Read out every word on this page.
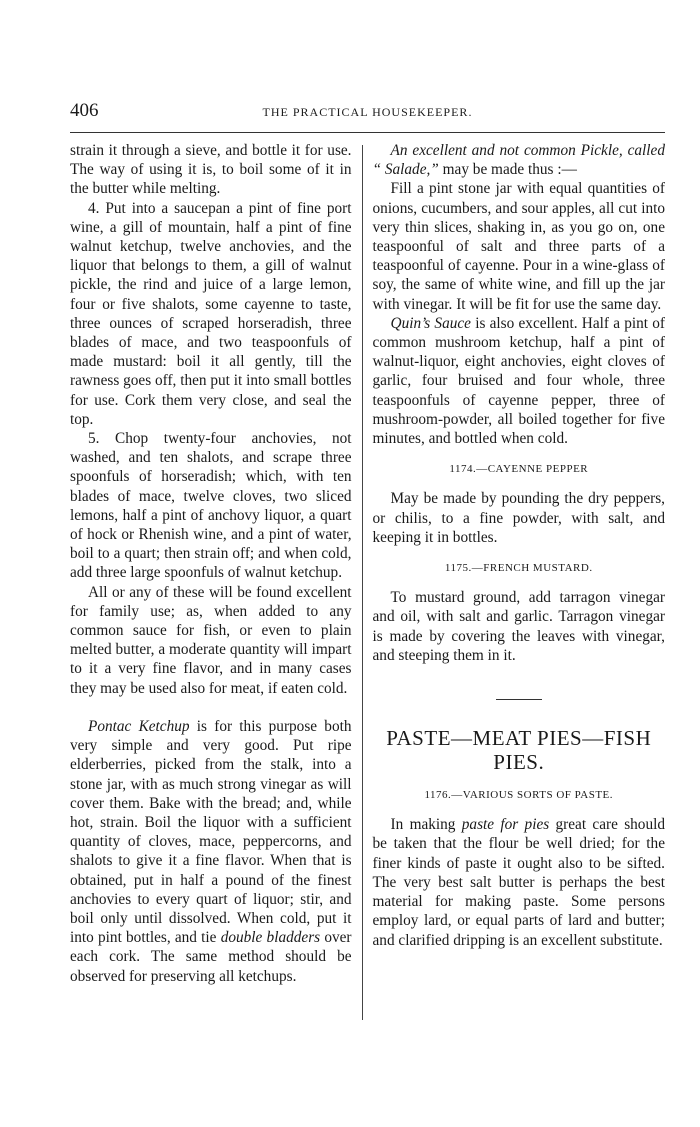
406	THE PRACTICAL HOUSEKEEPER.

strain it through a sieve, and bottle it for use. The way of using it is, to boil some of it in the butter while melting.

4. Put into a saucepan a pint of fine port wine, a gill of mountain, half a pint of fine walnut ketchup, twelve anchovies, and the liquor that belongs to them, a gill of walnut pickle, the rind and juice of a large lemon, four or five shalots, some cayenne to taste, three ounces of scraped horseradish, three blades of mace, and two teaspoonfuls of made mustard: boil it all gently, till the rawness goes off, then put it into small bottles for use. Cork them very close, and seal the top.

5. Chop twenty-four anchovies, not washed, and ten shalots, and scrape three spoonfuls of horseradish; which, with ten blades of mace, twelve cloves, two sliced lemons, half a pint of anchovy liquor, a quart of hock or Rhenish wine, and a pint of water, boil to a quart; then strain off; and when cold, add three large spoonfuls of walnut ketchup.

All or any of these will be found excellent for family use; as, when added to any common sauce for fish, or even to plain melted butter, a moderate quantity will impart to it a very fine flavor, and in many cases they may be used also for meat, if eaten cold.

Pontac Ketchup is for this purpose both very simple and very good. Put ripe elderberries, picked from the stalk, into a stone jar, with as much strong vinegar as will cover them. Bake with the bread; and, while hot, strain. Boil the liquor with a sufficient quantity of cloves, mace, peppercorns, and shalots to give it a fine flavor. When that is obtained, put in half a pound of the finest anchovies to every quart of liquor; stir, and boil only until dissolved. When cold, put it into pint bottles, and tie double bladders over each cork. The same method should be observed for preserving all ketchups.

An excellent and not common Pickle, called “ Salade,” may be made thus :—

Fill a pint stone jar with equal quantities of onions, cucumbers, and sour apples, all cut into very thin slices, shaking in, as you go on, one teaspoonful of salt and three parts of a teaspoonful of cayenne. Pour in a wine-glass of soy, the same of white wine, and fill up the jar with vinegar. It will be fit for use the same day.

Quin’s Sauce is also excellent. Half a pint of common mushroom ketchup, half a pint of walnut-liquor, eight anchovies, eight cloves of garlic, four bruised and four whole, three teaspoonfuls of cayenne pepper, three of mushroom-powder, all boiled together for five minutes, and bottled when cold.

1174.—CAYENNE PEPPER

May be made by pounding the dry peppers, or chilis, to a fine powder, with salt, and keeping it in bottles.

1175.—FRENCH MUSTARD.

To mustard ground, add tarragon vinegar and oil, with salt and garlic. Tarragon vinegar is made by covering the leaves with vinegar, and steeping them in it.

PASTE—MEAT PIES—FISH PIES.
1176.—VARIOUS SORTS OF PASTE.

In making paste for pies great care should be taken that the flour be well dried; for the finer kinds of paste it ought also to be sifted. The very best salt butter is perhaps the best material for making paste. Some persons employ lard, or equal parts of lard and butter; and clarified dripping is an excellent substitute.
